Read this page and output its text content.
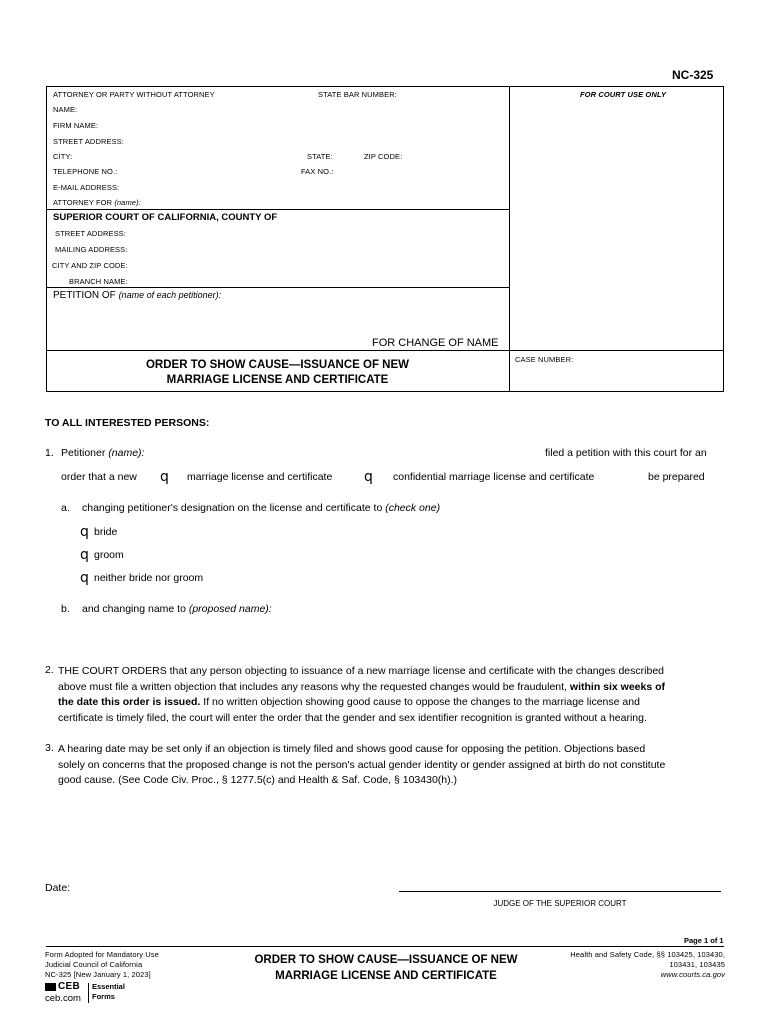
NC-325
ATTORNEY OR PARTY WITHOUT ATTORNEY	STATE BAR NUMBER:	FOR COURT USE ONLY
NAME:
FIRM NAME:
STREET ADDRESS:
CITY:	STATE:	ZIP CODE:
TELEPHONE NO.:	FAX NO.:
E-MAIL ADDRESS:
ATTORNEY FOR (name):
SUPERIOR COURT OF CALIFORNIA, COUNTY OF
STREET ADDRESS:
MAILING ADDRESS:
CITY AND ZIP CODE:
BRANCH NAME:
PETITION OF (name of each petitioner):
FOR CHANGE OF NAME
ORDER TO SHOW CAUSE—ISSUANCE OF NEW
MARRIAGE LICENSE AND CERTIFICATE
CASE NUMBER:
TO ALL INTERESTED PERSONS:
1. Petitioner (name):	filed a petition with this court for an
order that a new q marriage license and certificate q confidential marriage license and certificate	be prepared
a. changing petitioner's designation on the license and certificate to (check one)
q bride
q groom
q neither bride nor groom
b. and changing name to (proposed name):
2. THE COURT ORDERS that any person objecting to issuance of a new marriage license and certificate with the changes described
above must file a written objection that includes any reasons why the requested changes would be fraudulent, within six weeks of
the date this order is issued. If no written objection showing good cause to oppose the changes to the marriage license and
certificate is timely filed, the court will enter the order that the gender and sex identifier recognition is granted without a hearing.
3. A hearing date may be set only if an objection is timely filed and shows good cause for opposing the petition. Objections based
solely on concerns that the proposed change is not the person's actual gender identity or gender assigned at birth do not constitute
good cause. (See Code Civ. Proc., § 1277.5(c) and Health & Saf. Code, § 103430(h).)
Date:
JUDGE OF THE SUPERIOR COURT
Page 1 of 1
Form Adopted for Mandatory Use
Judicial Council of California
NC-325 [New January 1, 2023]
ORDER TO SHOW CAUSE—ISSUANCE OF NEW
MARRIAGE LICENSE AND CERTIFICATE
Health and Safety Code, §§ 103425, 103430,
103431, 103435
www.courts.ca.gov
CEB
ceb.com
Essential
Forms
